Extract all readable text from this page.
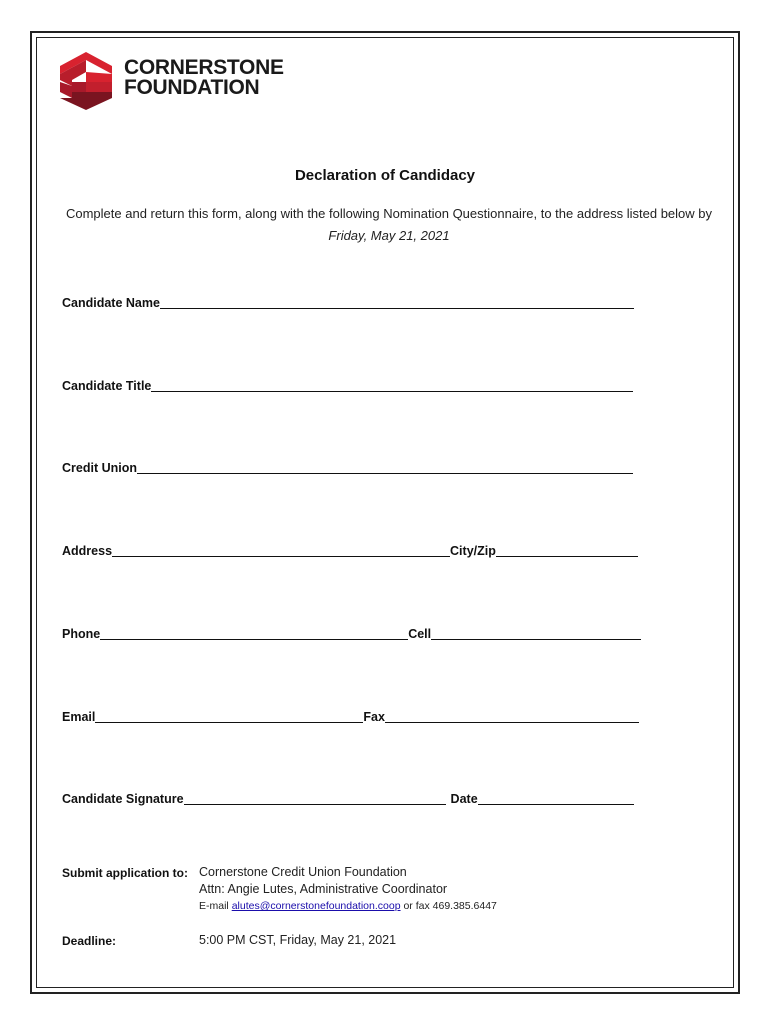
CORNERSTONE
FOUNDATION
Declaration of Candidacy
Complete and return this form, along with the following Nomination Questionnaire, to the address listed below by Friday, May 21, 2021
Candidate Name
Candidate Title
Credit Union
Address	City/Zip
Phone	Cell
Email	Fax
Candidate Signature	Date
Submit application to: Cornerstone Credit Union Foundation
Attn: Angie Lutes, Administrative Coordinator
E-mail alutes@cornerstonefoundation.coop or fax 469.385.6447
Deadline:	5:00 PM CST, Friday, May 21, 2021
